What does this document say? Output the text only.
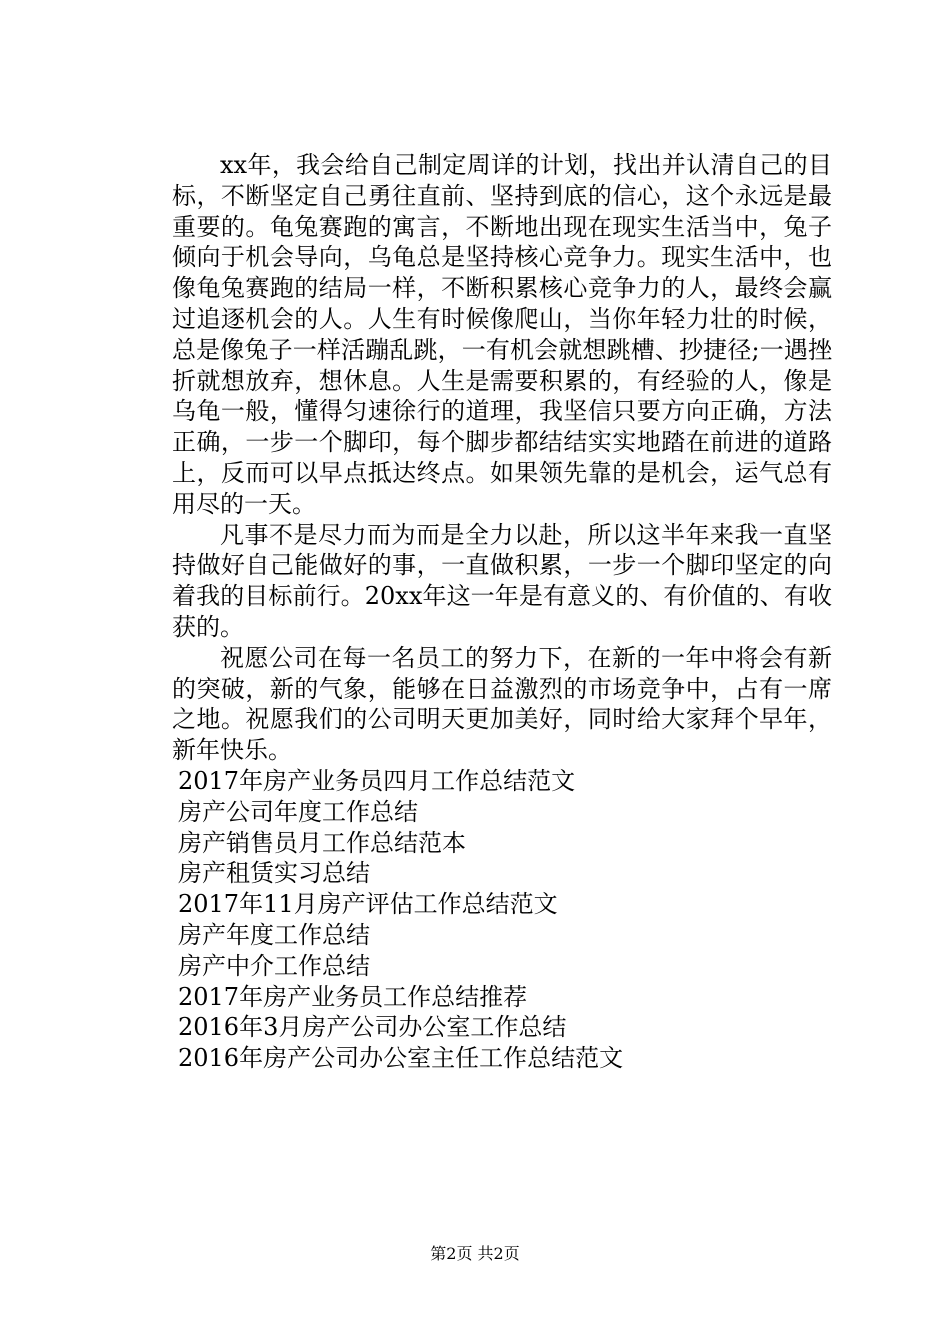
xx年，我会给自己制定周详的计划，找出并认清自己的目标，不断坚定自己勇往直前、坚持到底的信心，这个永远是最重要的。龟兔赛跑的寓言，不断地出现在现实生活当中，兔子倾向于机会导向，乌龟总是坚持核心竞争力。现实生活中，也像龟兔赛跑的结局一样，不断积累核心竞争力的人，最终会赢过追逐机会的人。人生有时候像爬山，当你年轻力壮的时候，总是像兔子一样活蹦乱跳，一有机会就想跳槽、抄捷径;一遇挫折就想放弃，想休息。人生是需要积累的，有经验的人，像是乌龟一般，懂得匀速徐行的道理，我坚信只要方向正确，方法正确，一步一个脚印，每个脚步都结结实实地踏在前进的道路上，反而可以早点抵达终点。如果领先靠的是机会，运气总有用尽的一天。

凡事不是尽力而为而是全力以赴，所以这半年来我一直坚持做好自己能做好的事，一直做积累，一步一个脚印坚定的向着我的目标前行。20xx年这一年是有意义的、有价值的、有收获的。

祝愿公司在每一名员工的努力下，在新的一年中将会有新的突破，新的气象，能够在日益激烈的市场竞争中，占有一席之地。祝愿我们的公司明天更加美好，同时给大家拜个早年，新年快乐。

2017年房产业务员四月工作总结范文
房产公司年度工作总结
房产销售员月工作总结范本
房产租赁实习总结
2017年11月房产评估工作总结范文
房产年度工作总结
房产中介工作总结
2017年房产业务员工作总结推荐
2016年3月房产公司办公室工作总结
2016年房产公司办公室主任工作总结范文
第2页 共2页
